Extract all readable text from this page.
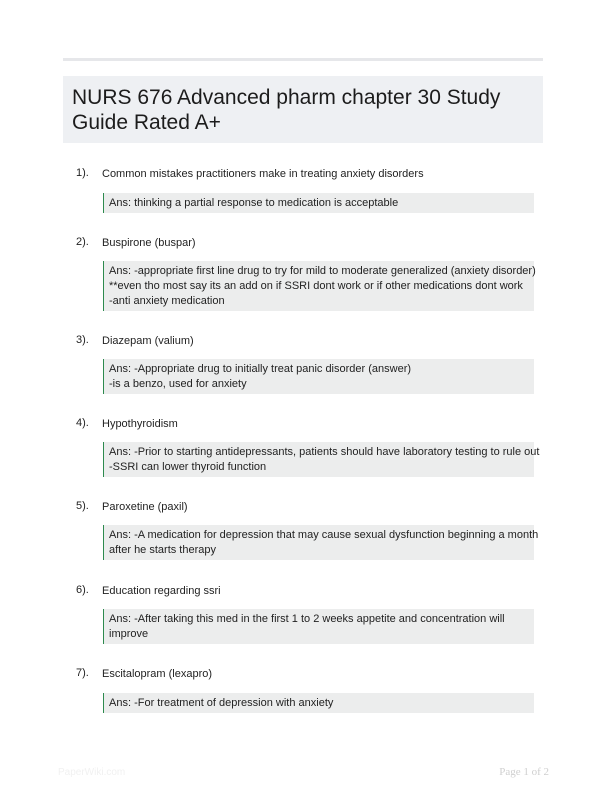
NURS 676 Advanced pharm chapter 30 Study
Guide Rated A+
1). Common mistakes practitioners make in treating anxiety disorders
Ans: thinking a partial response to medication is acceptable
2). Buspirone (buspar)
Ans: -appropriate first line drug to try for mild to moderate generalized (anxiety disorder)
**even tho most say its an add on if SSRI dont work or if other medications dont work
-anti anxiety medication
3). Diazepam (valium)
Ans: -Appropriate drug to initially treat panic disorder (answer)
-is a benzo, used for anxiety
4). Hypothyroidism
Ans: -Prior to starting antidepressants, patients should have laboratory testing to rule out
-SSRI can lower thyroid function
5). Paroxetine (paxil)
Ans: -A medication for depression that may cause sexual dysfunction beginning a month
after he starts therapy
6). Education regarding ssri
Ans: -After taking this med in the first 1 to 2 weeks appetite and concentration will
improve
7). Escitalopram (lexapro)
Ans: -For treatment of depression with anxiety
PaperWiki.com	Page 1 of 2
